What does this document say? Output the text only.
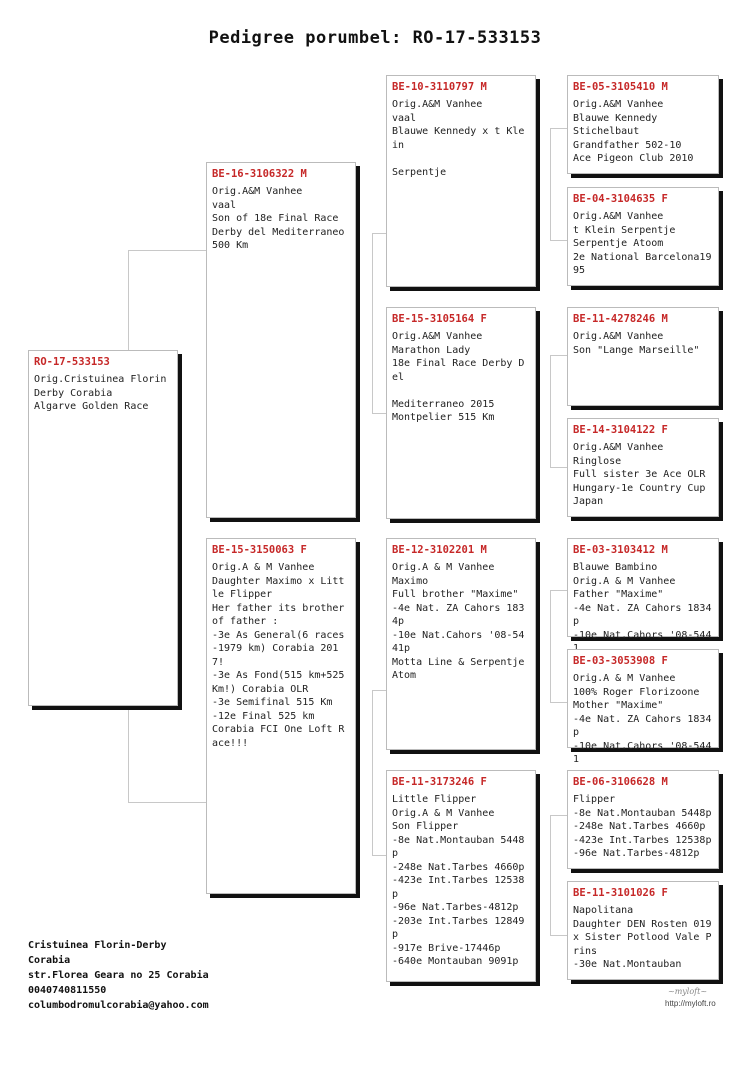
Pedigree porumbel: RO-17-533153
RO-17-533153
Orig.Cristuinea Florin
Derby Corabia
Algarve Golden Race
BE-16-3106322 M
Orig.A&M Vanhee
vaal
Son of 18e Final Race Derby del Mediterraneo
500 Km
BE-15-3150063 F
Orig.A & M Vanhee
Daughter Maximo x Little Flipper
Her father its brother of father :
-3e As General(6 races-1979 km) Corabia 2017!
-3e As Fond(515 km+525 Km!) Corabia OLR
-3e Semifinal 515 Km
-12e Final 525 km
Corabia FCI One Loft Race!!!
BE-10-3110797 M
Orig.A&M Vanhee
vaal
Blauwe Kennedy x t Klein
Serpentje
BE-15-3105164 F
Orig.A&M Vanhee
Marathon Lady
18e Final Race Derby Del
Mediterraneo 2015
Montpelier 515 Km
BE-12-3102201 M
Orig.A & M Vanhee
Maximo
Full brother "Maxime"
-4e Nat. ZA Cahors 1834p
-10e Nat.Cahors '08-5441p
Motta Line & Serpentje Atom
BE-11-3173246 F
Little Flipper
Orig.A & M Vanhee
Son Flipper
-8e Nat.Montauban 5448p
-248e Nat.Tarbes 4660p
-423e Int.Tarbes 12538p
-96e Nat.Tarbes-4812p
-203e Int.Tarbes 12849p
-917e Brive-17446p
-640e Montauban 9091p
BE-05-3105410 M
Orig.A&M Vanhee
Blauwe Kennedy
Stichelbaut
Grandfather 502-10
Ace Pigeon Club 2010
BE-04-3104635 F
Orig.A&M Vanhee
t Klein Serpentje
Serpentje Atoom
2e National Barcelona1995
BE-11-4278246 M
Orig.A&M Vanhee
Son "Lange Marseille"
BE-14-3104122 F
Orig.A&M Vanhee
Ringlose
Full sister 3e Ace OLR Hungary-1e Country Cup Japan
BE-03-3103412 M
Blauwe Bambino
Orig.A & M Vanhee
Father "Maxime"
-4e Nat. ZA Cahors 1834p
-10e Nat.Cahors '08-544
BE-03-3053908 F
Orig.A & M Vanhee
100% Roger Florizoone
Mother "Maxime"
-4e Nat. ZA Cahors 1834p
-10e Nat.Cahors '08-5441
BE-06-3106628 M
Flipper
-8e Nat.Montauban 5448p
-248e Nat.Tarbes 4660p
-423e Int.Tarbes 12538p
-96e Nat.Tarbes-4812p
BE-11-3101026 F
Napolitana
Daughter DEN Rosten 019x Sister Potlood Vale Prins
-30e Nat.Montauban
Cristuinea Florin-Derby
Corabia
str.Florea Geara no 25 Corabia
0040740811550
columbodromulcorabia@yahoo.com
~myloft~
http://myloft.ro
